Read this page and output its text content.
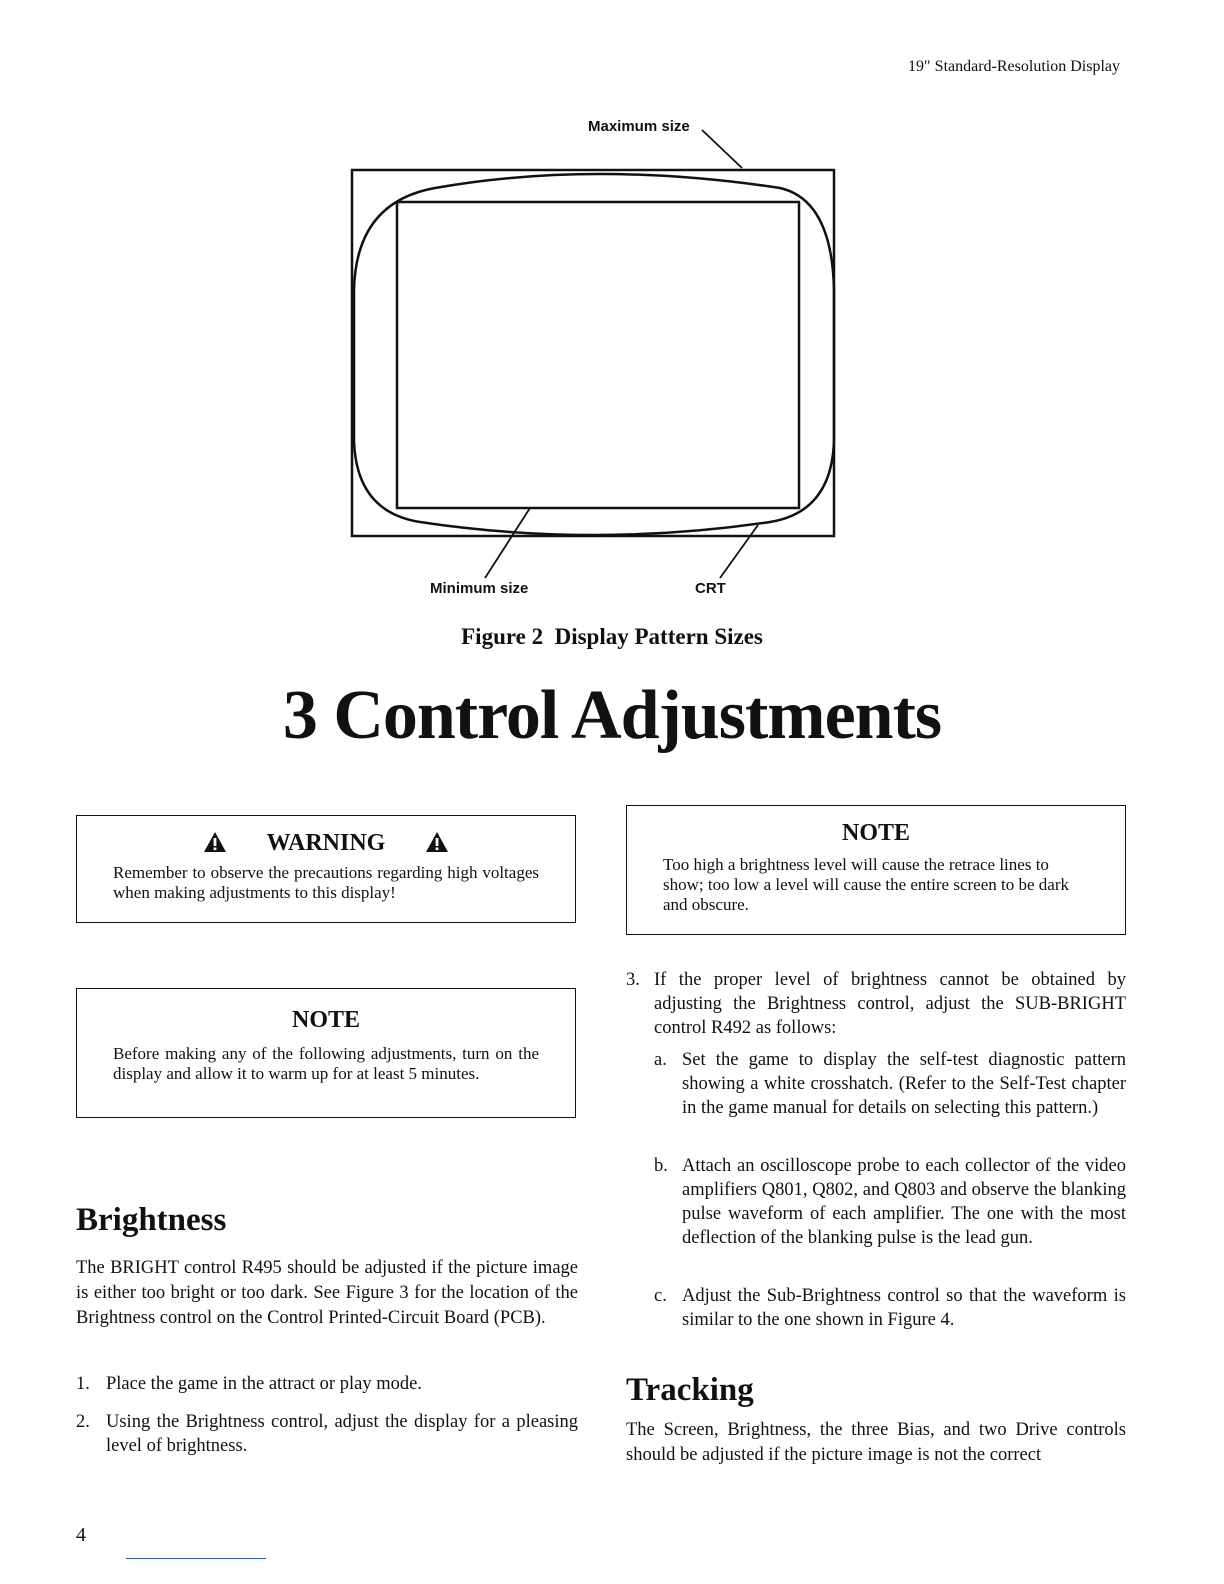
19″ Standard-Resolution Display
Maximum size
Minimum size	CRT
Figure 2  Display Pattern Sizes
3 Control Adjustments
WARNING
Remember to observe the precautions regarding high voltages when making adjustments to this display!
NOTE
Before making any of the following adjustments, turn on the display and allow it to warm up for at least 5 minutes.
NOTE
Too high a brightness level will cause the retrace lines to show; too low a level will cause the entire screen to be dark and obscure.
Brightness
The BRIGHT control R495 should be adjusted if the picture image is either too bright or too dark. See Figure 3 for the location of the Brightness control on the Control Printed-Circuit Board (PCB).
1. Place the game in the attract or play mode.
2. Using the Brightness control, adjust the display for a pleasing level of brightness.
3. If the proper level of brightness cannot be obtained by adjusting the Brightness control, adjust the SUB-BRIGHT control R492 as follows:
a. Set the game to display the self-test diagnostic pattern showing a white crosshatch. (Refer to the Self-Test chapter in the game manual for details on selecting this pattern.)
b. Attach an oscilloscope probe to each collector of the video amplifiers Q801, Q802, and Q803 and observe the blanking pulse waveform of each amplifier. The one with the most deflection of the blanking pulse is the lead gun.
c. Adjust the Sub-Brightness control so that the waveform is similar to the one shown in Figure 4.
Tracking
The Screen, Brightness, the three Bias, and two Drive controls should be adjusted if the picture image is not the correct
4
